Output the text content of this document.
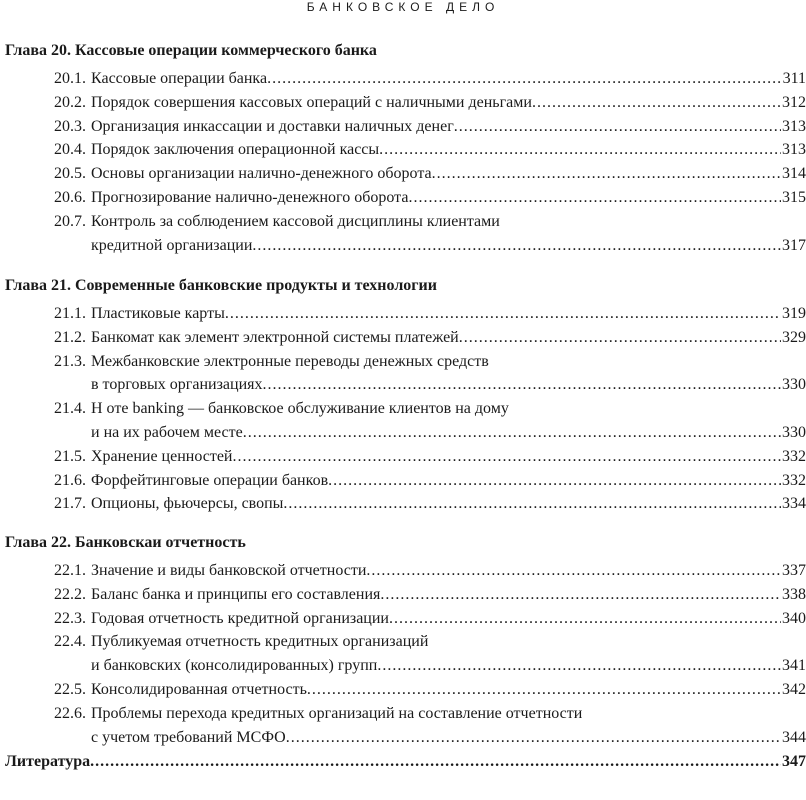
БАНКОВСКОЕ ДЕЛО
Глава 20. Кассовые операции коммерческого банка
20.1. Кассовые операции банка .....	311
20.2. Порядок совершения кассовых операций с наличными деньгами .....	312
20.3. Организация инкассации и доставки наличных денег .....	313
20.4. Порядок заключения операционной кассы .....	313
20.5. Основы организации налично-денежного оборота .....	314
20.6. Прогнозирование налично-денежного оборота .....	315
20.7. Контроль за соблюдением кассовой дисциплины клиентами
кредитной организации .....	317
Глава 21. Современные банковские продукты и технологии
21.1. Пластиковые карты .....	319
21.2. Банкомат как элемент электронной системы платежей .....	329
21.3. Межбанковские электронные переводы денежных средств
в торговых организациях .....	330
21.4. Н оте banking — банковское обслуживание клиентов на дому
и на их рабочем месте .....	330
21.5. Хранение ценностей .....	332
21.6. Форфейтинговые операции банков .....	332
21.7. Опционы, фьючерсы, свопы .....	334
Глава 22. Банковскаи отчетность
22.1. Значение и виды банковской отчетности .....	337
22.2. Баланс банка и принципы его составления .....	338
22.3. Годовая отчетность кредитной организации .....	340
22.4. Публикуемая отчетность кредитных организаций
и банковских (консолидированных) групп .....	341
22.5. Консолидированная отчетность .....	342
22.6. Проблемы перехода кредитных организаций на составление отчетности
с учетом требований МСФО .....	344
Литература .....	347
